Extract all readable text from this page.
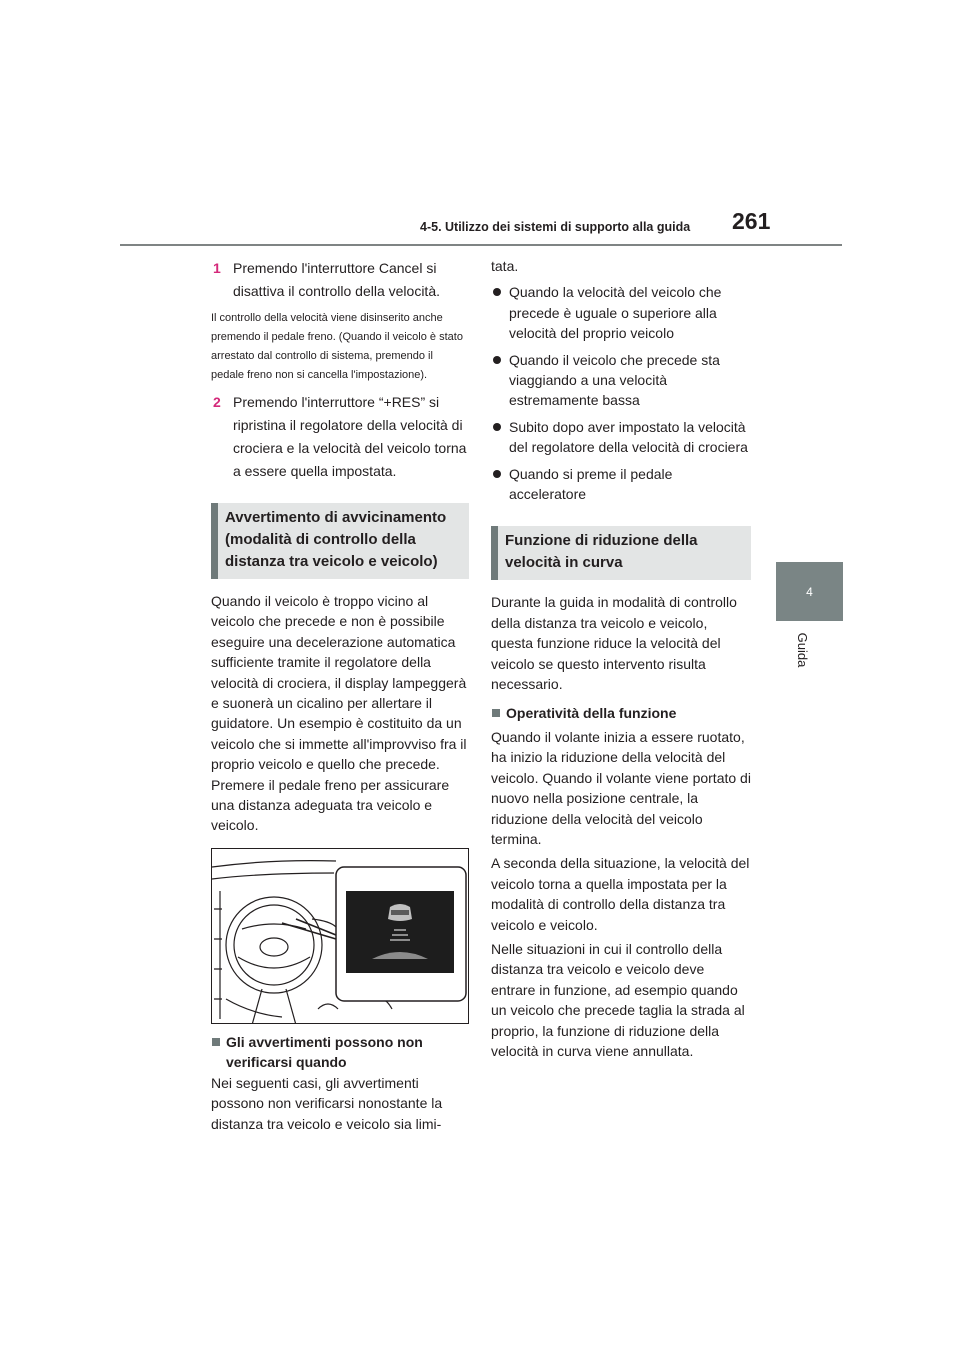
4-5. Utilizzo dei sistemi di supporto alla guida 261
4
Guida
1 Premendo l'interruttore Cancel si disattiva il controllo della velocità.
Il controllo della velocità viene disinserito anche premendo il pedale freno. (Quando il veicolo è stato arrestato dal controllo di sistema, premendo il pedale freno non si cancella l'impostazione).
2 Premendo l'interruttore “+RES” si ripristina il regolatore della velocità di crociera e la velocità del veicolo torna a essere quella impostata.
Avvertimento di avvicinamento (modalità di controllo della distanza tra veicolo e veicolo)
Quando il veicolo è troppo vicino al veicolo che precede e non è possibile eseguire una decelerazione automatica sufficiente tramite il regolatore della velocità di crociera, il display lampeggerà e suonerà un cicalino per allertare il guidatore. Un esempio è costituito da un veicolo che si immette all'improvviso fra il proprio veicolo e quello che precede. Premere il pedale freno per assicurare una distanza adeguata tra veicolo e veicolo.
Gli avvertimenti possono non verificarsi quando
Nei seguenti casi, gli avvertimenti possono non verificarsi nonostante la distanza tra veicolo e veicolo sia limi-
tata.
Quando la velocità del veicolo che precede è uguale o superiore alla velocità del proprio veicolo
Quando il veicolo che precede sta viaggiando a una velocità estremamente bassa
Subito dopo aver impostato la velocità del regolatore della velocità di crociera
Quando si preme il pedale acceleratore
Funzione di riduzione della velocità in curva
Durante la guida in modalità di controllo della distanza tra veicolo e veicolo, questa funzione riduce la velocità del veicolo se questo intervento risulta necessario.
Operatività della funzione
Quando il volante inizia a essere ruotato, ha inizio la riduzione della velocità del veicolo. Quando il volante viene portato di nuovo nella posizione centrale, la riduzione della velocità del veicolo termina.
A seconda della situazione, la velocità del veicolo torna a quella impostata per la modalità di controllo della distanza tra veicolo e veicolo.
Nelle situazioni in cui il controllo della distanza tra veicolo e veicolo deve entrare in funzione, ad esempio quando un veicolo che precede taglia la strada al proprio, la funzione di riduzione della velocità in curva viene annullata.
